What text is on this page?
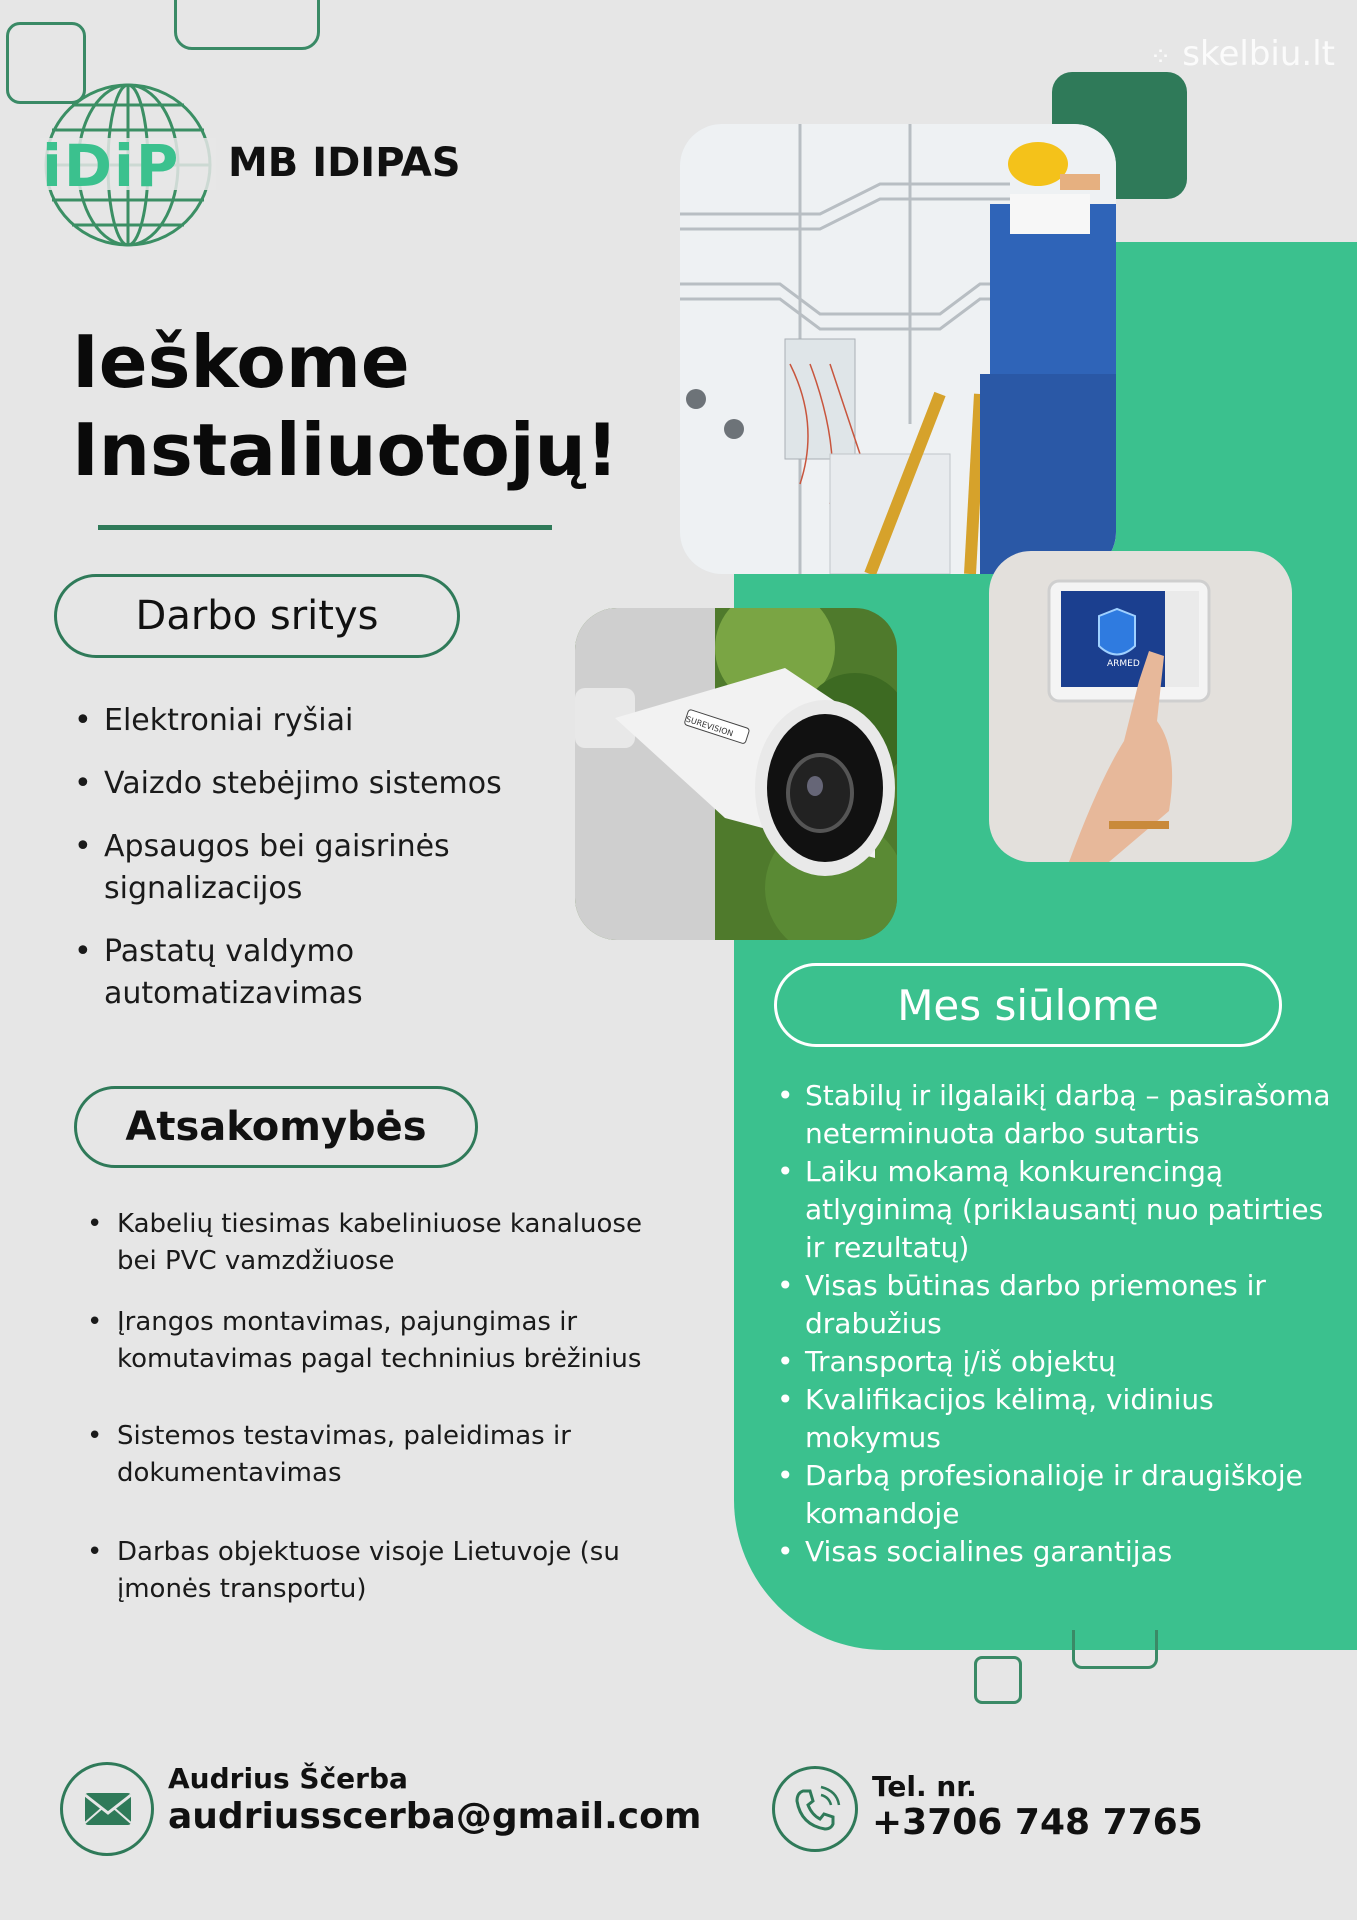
⁘ skelbiu.lt
iDiP MB IDIPAS
Ieškome
Instaliuotojų!
Darbo sritys
• Elektroniai ryšiai
• Vaizdo stebėjimo sistemos
• Apsaugos bei gaisrinės signalizacijos
• Pastatų valdymo automatizavimas
Atsakomybės
• Kabelių tiesimas kabeliniuose kanaluose bei PVC vamzdžiuose
• Įrangos montavimas, pajungimas ir komutavimas pagal techninius brėžinius
• Sistemos testavimas, paleidimas ir dokumentavimas
• Darbas objektuose visoje Lietuvoje (su įmonės transportu)
SUREVISION
ARMED
Mes siūlome
• Stabilų ir ilgalaikį darbą – pasirašoma neterminuota darbo sutartis
• Laiku mokamą konkurencingą atlyginimą (priklausantį nuo patirties ir rezultatų)
• Visas būtinas darbo priemones ir drabužius
• Transportą į/iš objektų
• Kvalifikacijos kėlimą, vidinius mokymus
• Darbą profesionalioje ir draugiškoje komandoje
• Visas socialines garantijas
Audrius Ščerba
audriusscerba@gmail.com
Tel. nr.
+3706 748 7765
